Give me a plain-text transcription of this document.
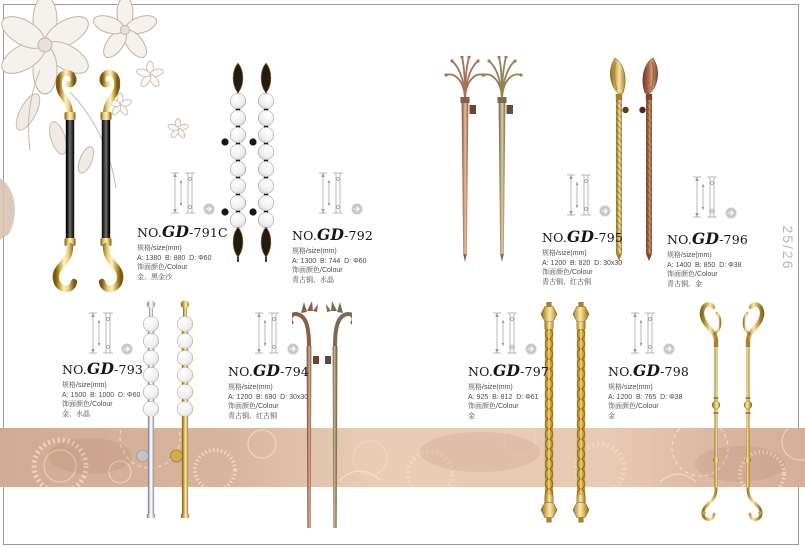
NO.GD-791C
规格/size(mm)
A: 1380  B: 880  D: Φ60
饰面颜色/Colour
金、黑金沙
NO.GD-792
规格/size(mm)
A: 1300  B: 744  D: Φ60
饰面颜色/Colour
青古铜、水晶
NO.GD-795
规格/size(mm)
A: 1200  B: 820  D: 30x30
饰面颜色/Colour
青古铜、红古铜
NO.GD-796
规格/size(mm)
A: 1400  B: 850  D: Φ38
饰面颜色/Colour
青古铜、金
NO.GD-793
规格/size(mm)
A: 1500  B: 1000  D: Φ60
饰面颜色/Colour
金、水晶
NO.GD-794
规格/size(mm)
A: 1200  B: 690  D: 30x30
饰面颜色/Colour
青古铜、红古铜
NO.GD-797
规格/size(mm)
A: 925  B: 812  D: Φ61
饰面颜色/Colour
金
NO.GD-798
规格/size(mm)
A: 1200  B: 765  D: Φ38
饰面颜色/Colour
金
25/26
